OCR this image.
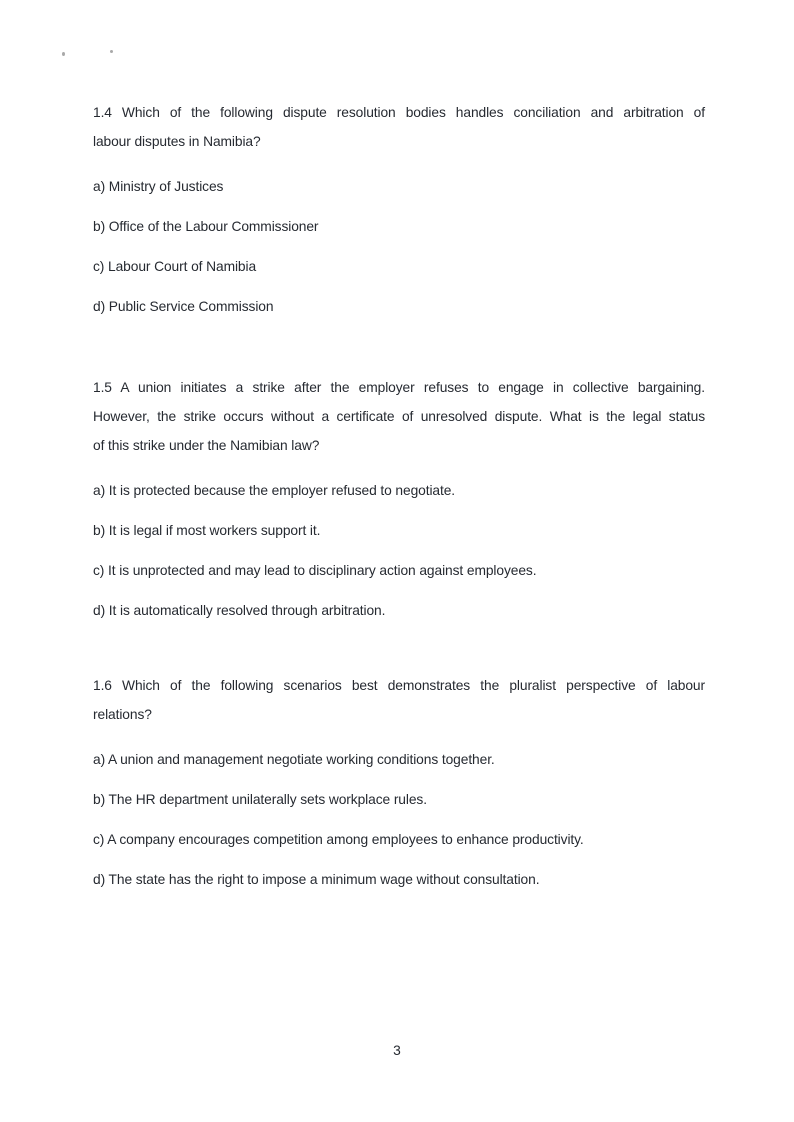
1.4 Which of the following dispute resolution bodies handles conciliation and arbitration of
labour disputes in Namibia?
a) Ministry of Justices
b) Office of the Labour Commissioner
c) Labour Court of Namibia
d) Public Service Commission
1.5 A union initiates a strike after the employer refuses to engage in collective bargaining.
However, the strike occurs without a certificate of unresolved dispute. What is the legal status
of this strike under the Namibian law?
a) It is protected because the employer refused to negotiate.
b) It is legal if most workers support it.
c) It is unprotected and may lead to disciplinary action against employees.
d) It is automatically resolved through arbitration.
1.6 Which of the following scenarios best demonstrates the pluralist perspective of labour
relations?
a) A union and management negotiate working conditions together.
b) The HR department unilaterally sets workplace rules.
c) A company encourages competition among employees to enhance productivity.
d) The state has the right to impose a minimum wage without consultation.
3
